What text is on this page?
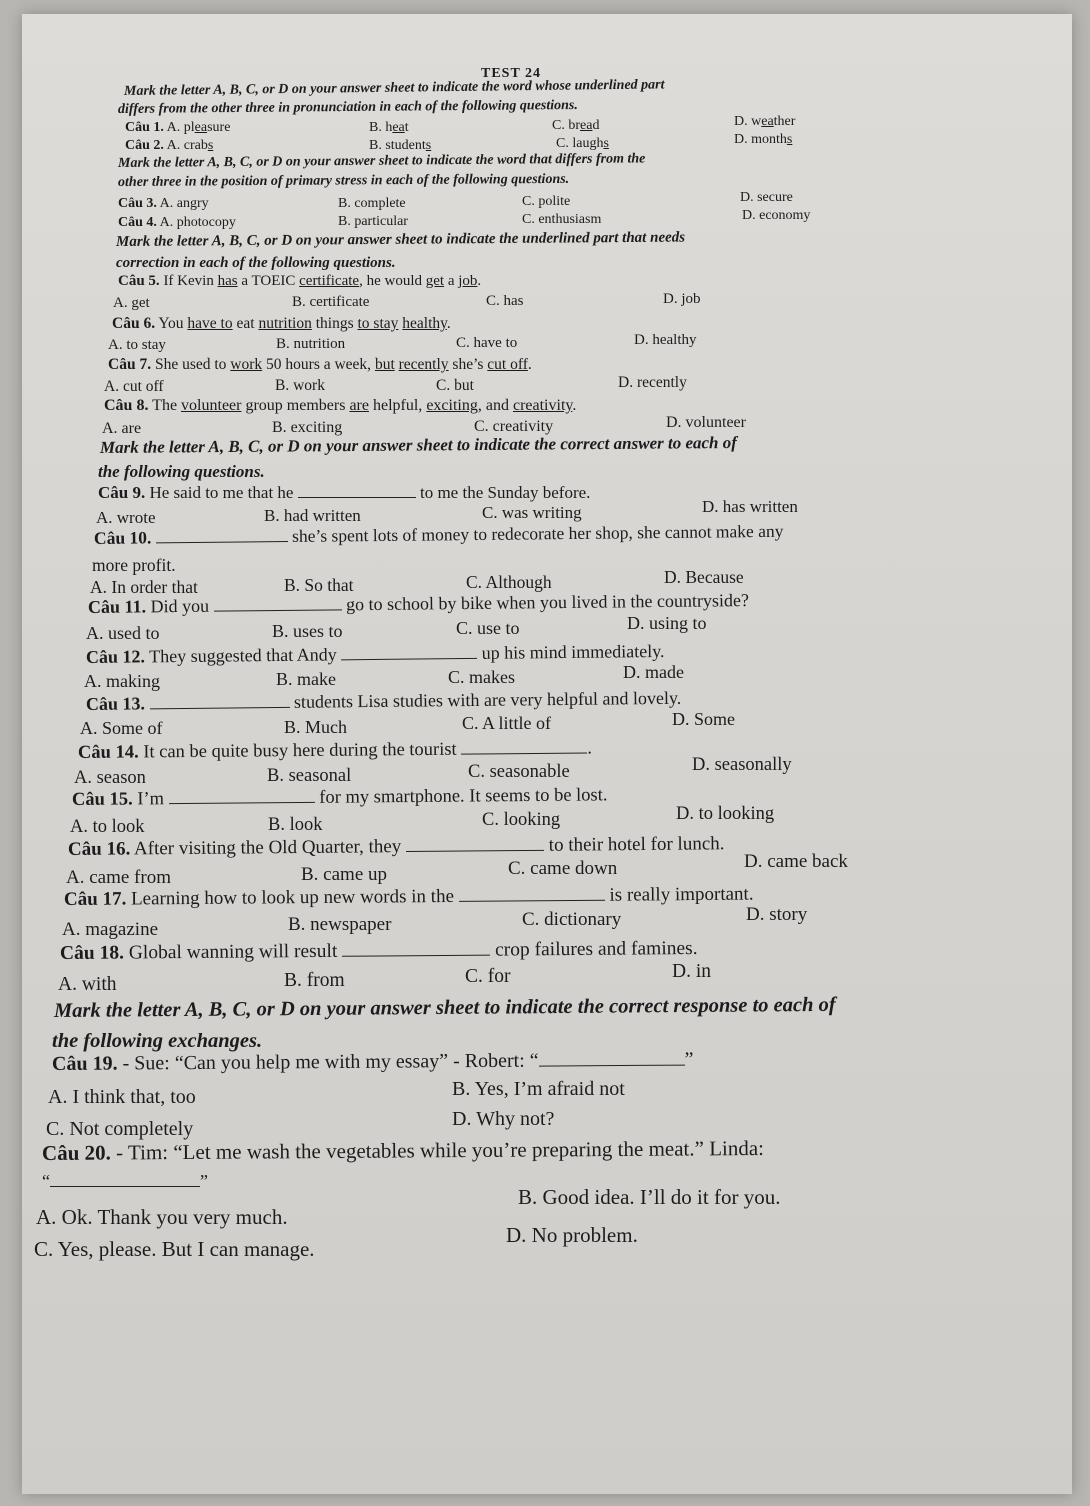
TEST 24
Mark the letter A, B, C, or D on your answer sheet to indicate the word whose underlined part
differs from the other three in pronunciation in each of the following questions.
Câu 1. A. pleasure	B. heat	C. bread	D. weather
Câu 2. A. crabs	B. students	C. laughs	D. months
Mark the letter A, B, C, or D on your answer sheet to indicate the word that differs from the
other three in the position of primary stress in each of the following questions.
Câu 3. A. angry	B. complete	C. polite	D. secure
Câu 4. A. photocopy	B. particular	C. enthusiasm	D. economy
Mark the letter A, B, C, or D on your answer sheet to indicate the underlined part that needs
correction in each of the following questions.
Câu 5. If Kevin has a TOEIC certificate, he would get a job.
A. get	B. certificate	C. has	D. job
Câu 6. You have to eat nutrition things to stay healthy.
A. to stay	B. nutrition	C. have to	D. healthy
Câu 7. She used to work 50 hours a week, but recently she’s cut off.
A. cut off	B. work	C. but	D. recently
Câu 8. The volunteer group members are helpful, exciting, and creativity.
A. are	B. exciting	C. creativity	D. volunteer
Mark the letter A, B, C, or D on your answer sheet to indicate the correct answer to each of
the following questions.
Câu 9. He said to me that he	to me the Sunday before.
A. wrote	B. had written	C. was writing	D. has written
Câu 10.	she’s spent lots of money to redecorate her shop, she cannot make any
more profit.
A. In order that	B. So that	C. Although	D. Because
Câu 11. Did you	go to school by bike when you lived in the countryside?
A. used to	B. uses to	C. use to	D. using to
Câu 12. They suggested that Andy	up his mind immediately.
A. making	B. make	C. makes	D. made
Câu 13.	students Lisa studies with are very helpful and lovely.
A. Some of	B. Much	C. A little of	D. Some
Câu 14. It can be quite busy here during the tourist	.
A. season	B. seasonal	C. seasonable	D. seasonally
Câu 15. I’m	for my smartphone. It seems to be lost.
A. to look	B. look	C. looking	D. to looking
Câu 16. After visiting the Old Quarter, they	to their hotel for lunch.
A. came from	B. came up	C. came down	D. came back
Câu 17. Learning how to look up new words in the	is really important.
A. magazine	B. newspaper	C. dictionary	D. story
Câu 18. Global wanning will result	crop failures and famines.
A. with	B. from	C. for	D. in
Mark the letter A, B, C, or D on your answer sheet to indicate the correct response to each of
the following exchanges.
Câu 19. - Sue: “Can you help me with my essay” - Robert: “	”
A. I think that, too	B. Yes, I’m afraid not
C. Not completely	D. Why not?
Câu 20. - Tim: “Let me wash the vegetables while you’re preparing the meat.” Linda:
“	”
A. Ok. Thank you very much.
B. Good idea. I’ll do it for you.
C. Yes, please. But I can manage.
D. No problem.
